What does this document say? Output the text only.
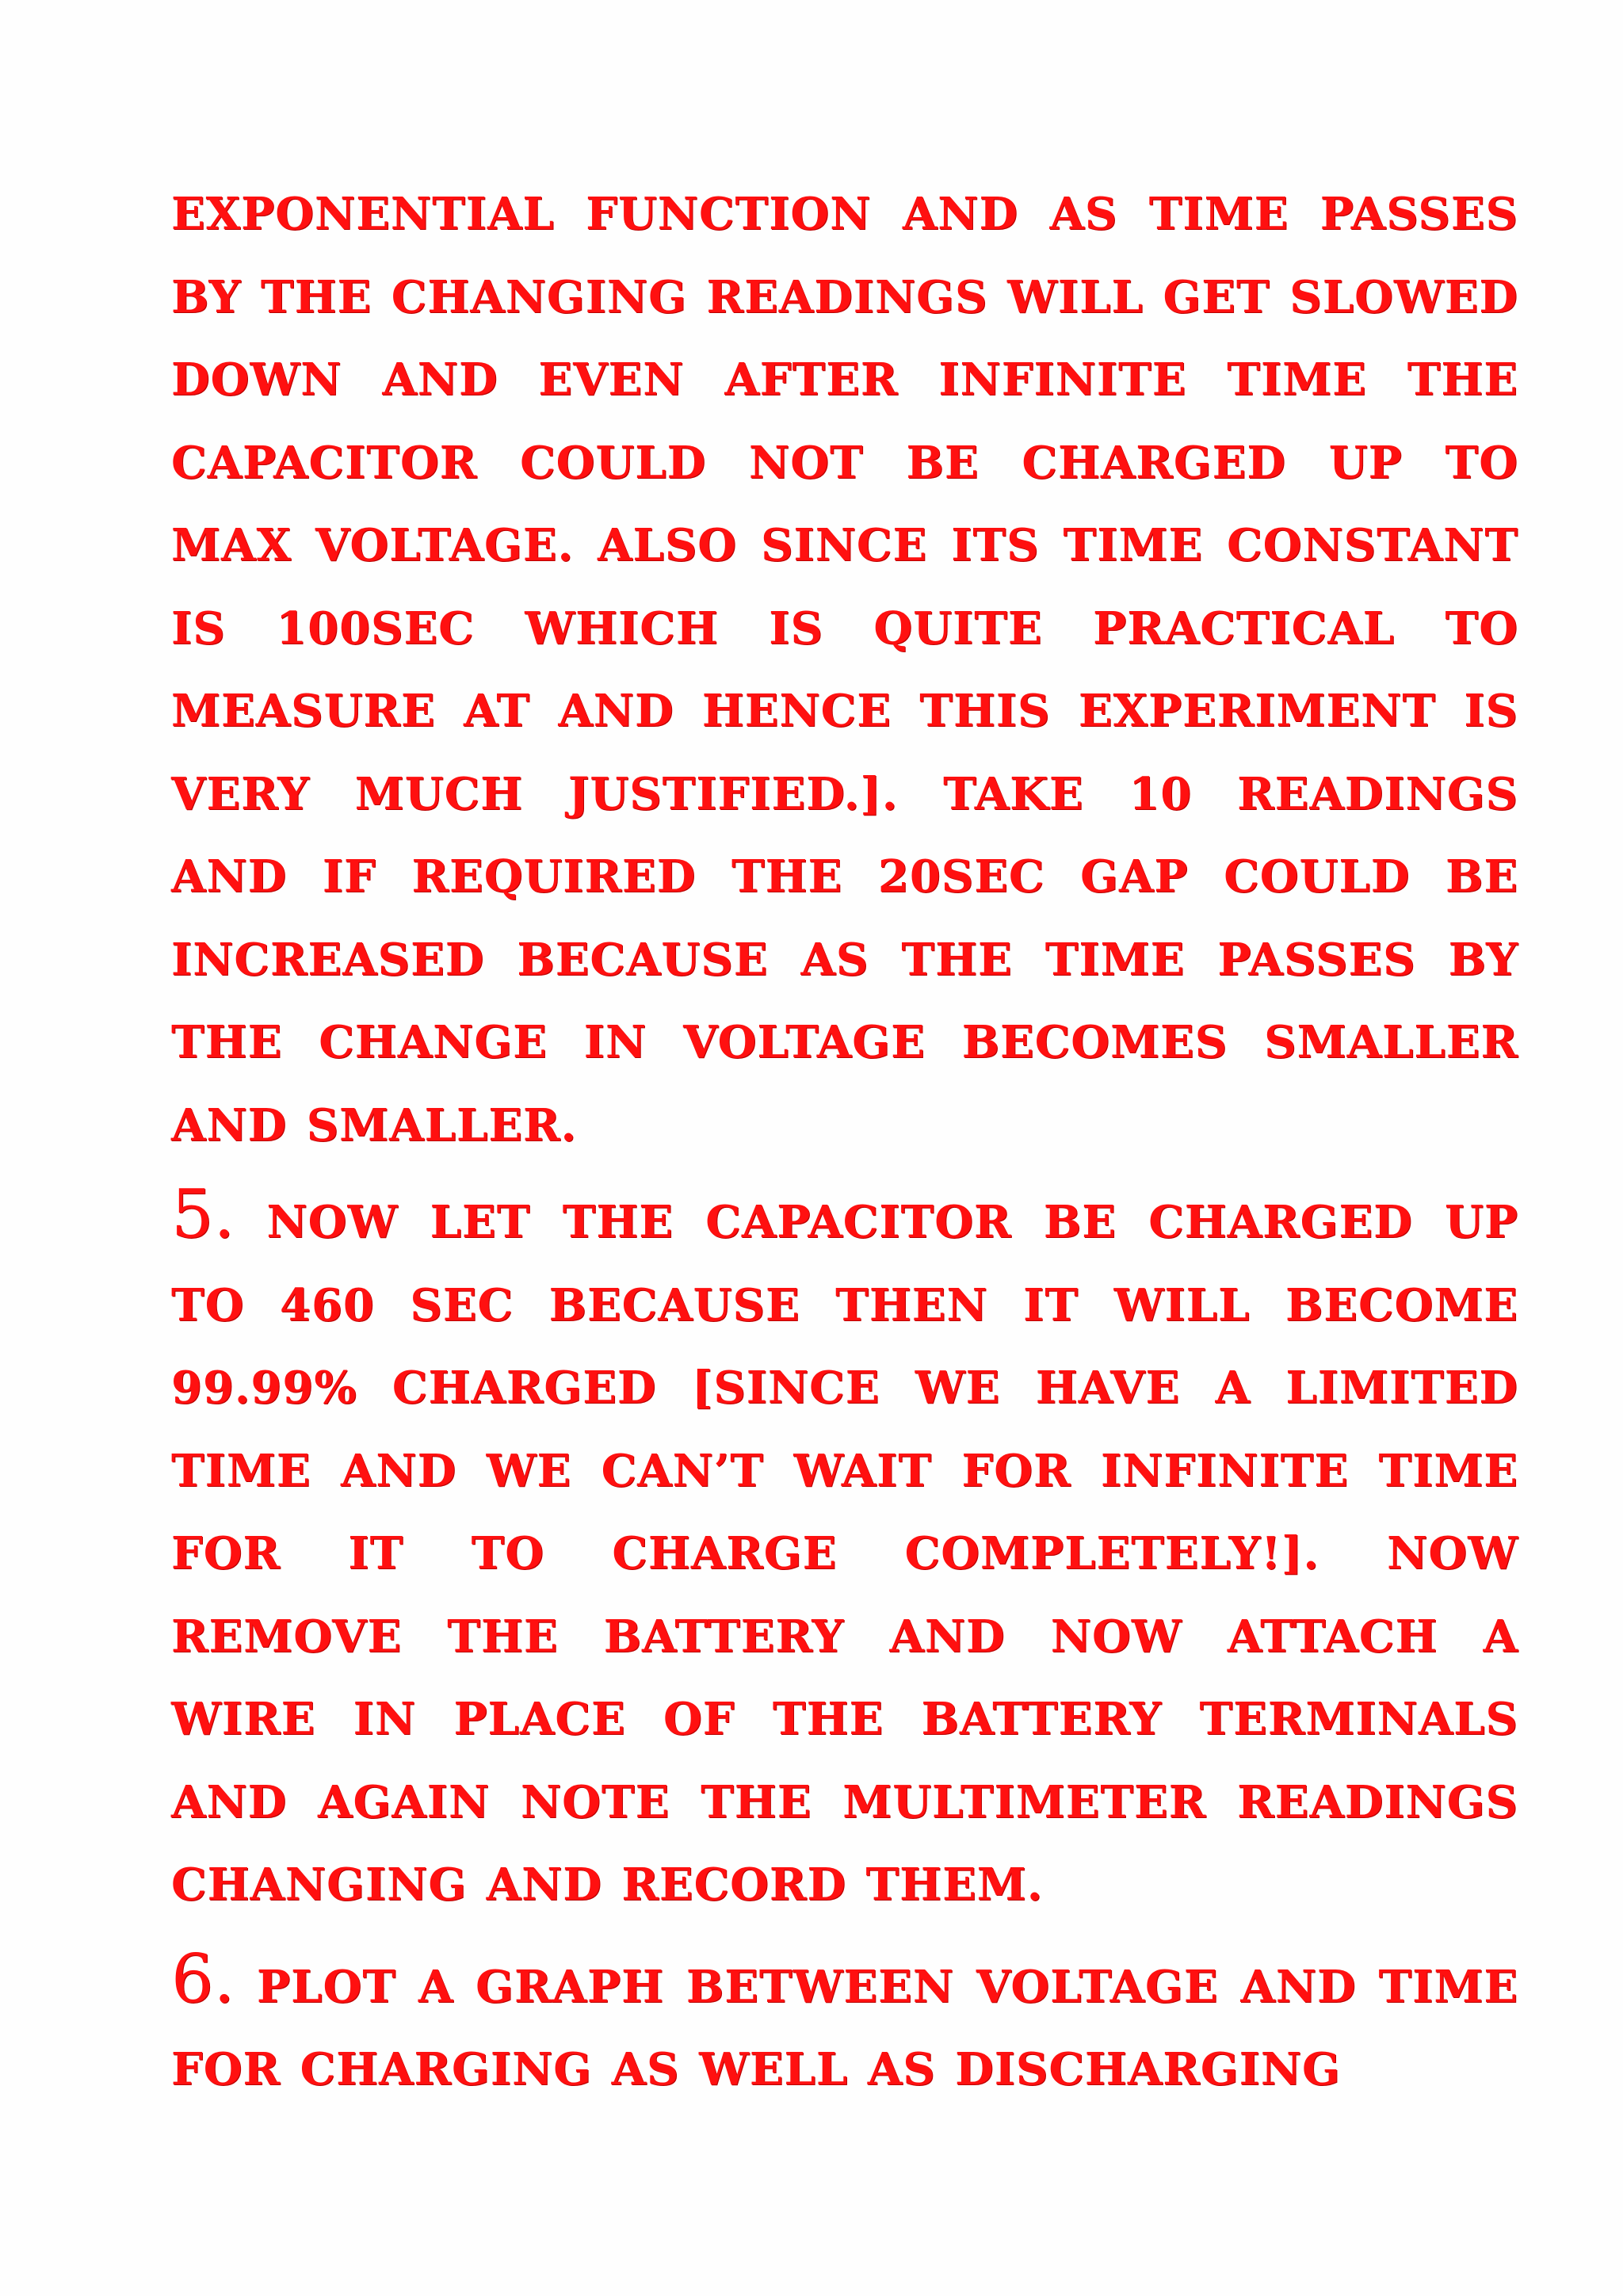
EXPONENTIAL FUNCTION AND AS TIME PASSES BY THE CHANGING READINGS WILL GET SLOWED DOWN AND EVEN AFTER INFINITE TIME THE CAPACITOR COULD NOT BE CHARGED UP TO MAX VOLTAGE. ALSO SINCE ITS TIME CONSTANT IS 100SEC WHICH IS QUITE PRACTICAL TO MEASURE AT AND HENCE THIS EXPERIMENT IS VERY MUCH JUSTIFIED.]. TAKE 10 READINGS AND IF REQUIRED THE 20SEC GAP COULD BE INCREASED BECAUSE AS THE TIME PASSES BY THE CHANGE IN VOLTAGE BECOMES SMALLER AND SMALLER.

5. NOW LET THE CAPACITOR BE CHARGED UP TO 460 SEC BECAUSE THEN IT WILL BECOME 99.99% CHARGED [SINCE WE HAVE A LIMITED TIME AND WE CAN’T WAIT FOR INFINITE TIME FOR IT TO CHARGE COMPLETELY!]. NOW REMOVE THE BATTERY AND NOW ATTACH A WIRE IN PLACE OF THE BATTERY TERMINALS AND AGAIN NOTE THE MULTIMETER READINGS CHANGING AND RECORD THEM.

6. PLOT A GRAPH BETWEEN VOLTAGE AND TIME FOR CHARGING AS WELL AS DISCHARGING
